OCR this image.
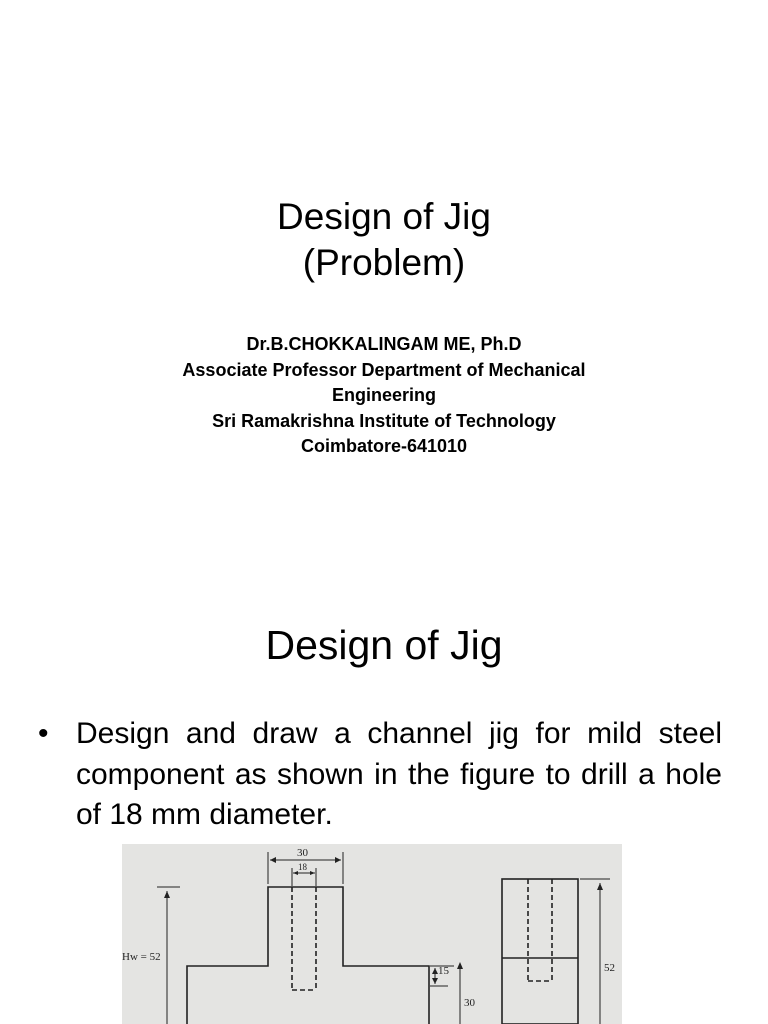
Design of Jig
(Problem)
Dr.B.CHOKKALINGAM ME, Ph.D
Associate Professor Department of Mechanical
Engineering
Sri Ramakrishna Institute of Technology
Coimbatore-641010
Design of Jig
• Design and draw a channel jig for mild steel component as shown in the figure to drill a hole of 18 mm diameter.
30
18
Hw = 52
15
30
52
